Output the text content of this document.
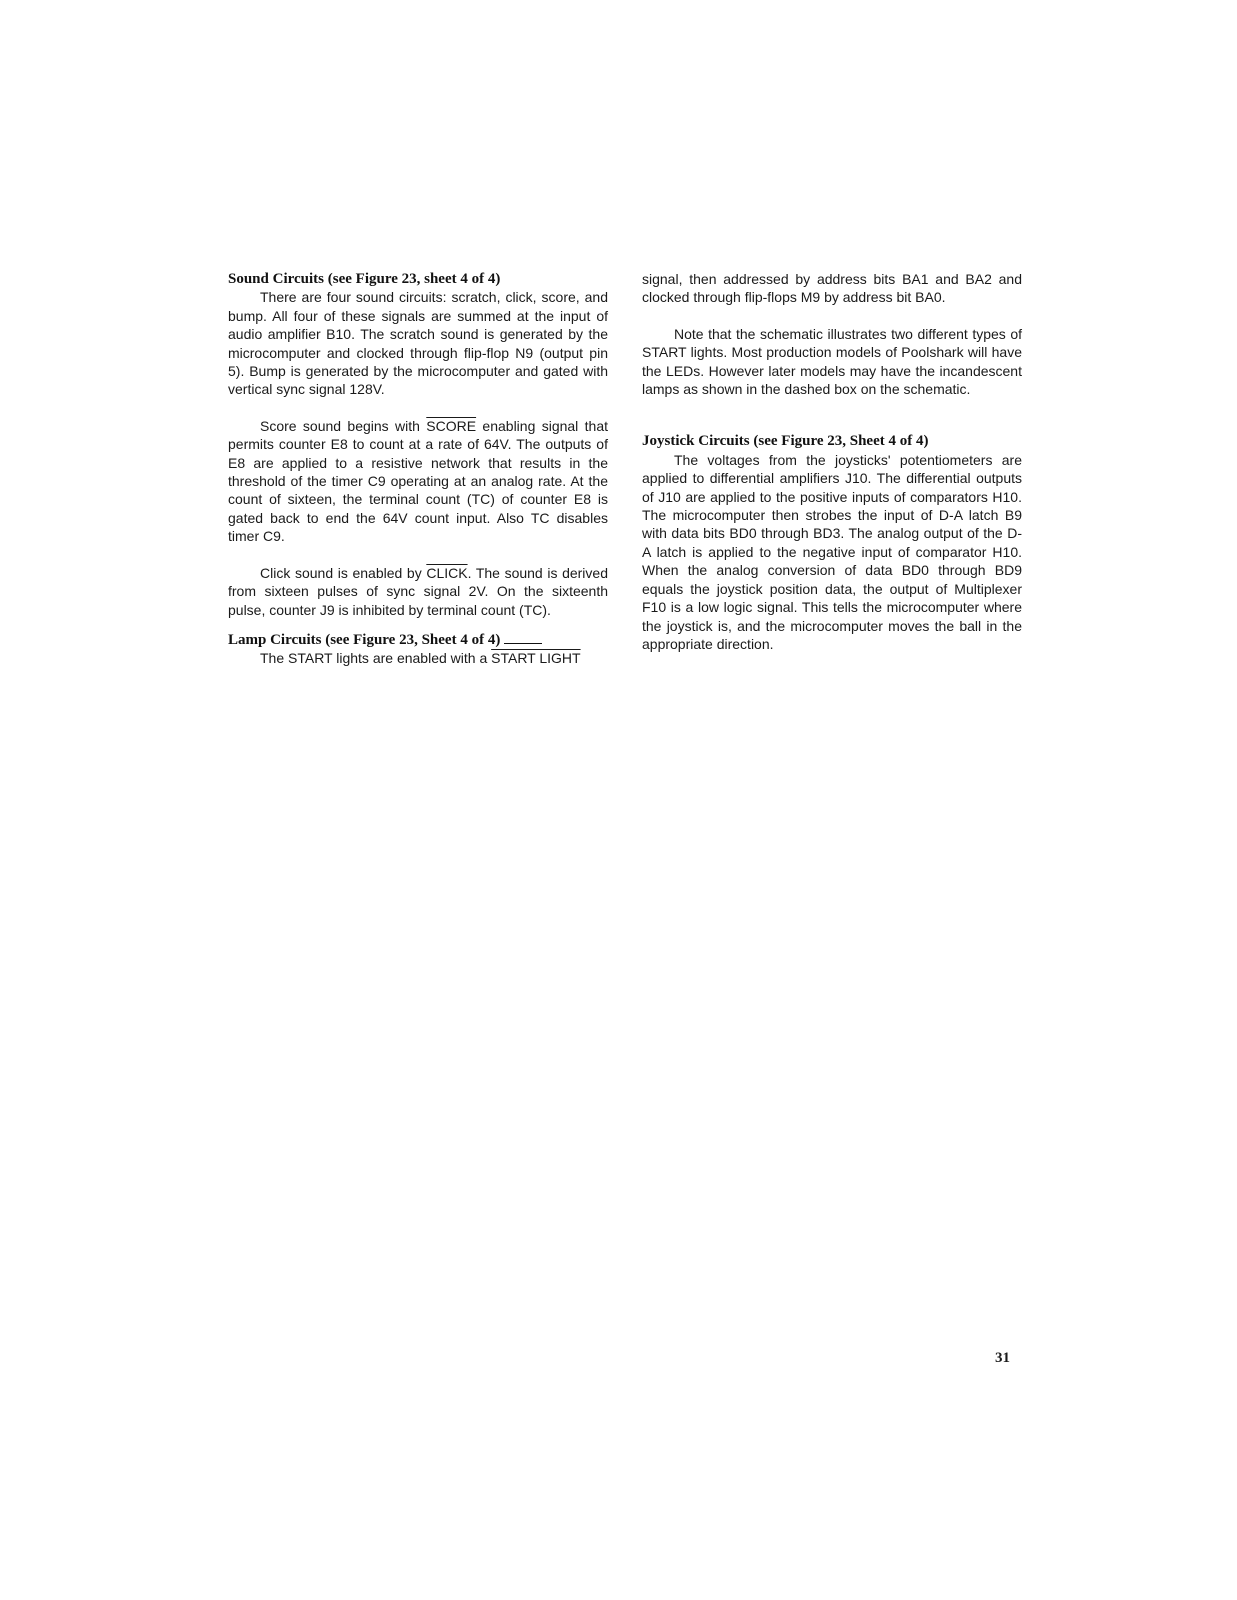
Sound Circuits (see Figure 23, sheet 4 of 4)

There are four sound circuits: scratch, click, score, and bump. All four of these signals are summed at the input of audio amplifier B10. The scratch sound is generated by the microcomputer and clocked through flip-flop N9 (output pin 5). Bump is generated by the microcomputer and gated with vertical sync signal 128V.

Score sound begins with SCORE enabling signal that permits counter E8 to count at a rate of 64V. The outputs of E8 are applied to a resistive network that results in the threshold of the timer C9 operating at an analog rate. At the count of sixteen, the terminal count (TC) of counter E8 is gated back to end the 64V count input. Also TC disables timer C9.

Click sound is enabled by CLICK. The sound is derived from sixteen pulses of sync signal 2V. On the sixteenth pulse, counter J9 is inhibited by terminal count (TC).

Lamp Circuits (see Figure 23, Sheet 4 of 4)

The START lights are enabled with a START LIGHT

signal, then addressed by address bits BA1 and BA2 and clocked through flip-flops M9 by address bit BA0.

Note that the schematic illustrates two different types of START lights. Most production models of Poolshark will have the LEDs. However later models may have the incandescent lamps as shown in the dashed box on the schematic.

Joystick Circuits (see Figure 23, Sheet 4 of 4)

The voltages from the joysticks' potentiometers are applied to differential amplifiers J10. The differential outputs of J10 are applied to the positive inputs of comparators H10. The microcomputer then strobes the input of D-A latch B9 with data bits BD0 through BD3. The analog output of the D-A latch is applied to the negative input of comparator H10. When the analog conversion of data BD0 through BD9 equals the joystick position data, the output of Multiplexer F10 is a low logic signal. This tells the microcomputer where the joystick is, and the microcomputer moves the ball in the appropriate direction.

31
